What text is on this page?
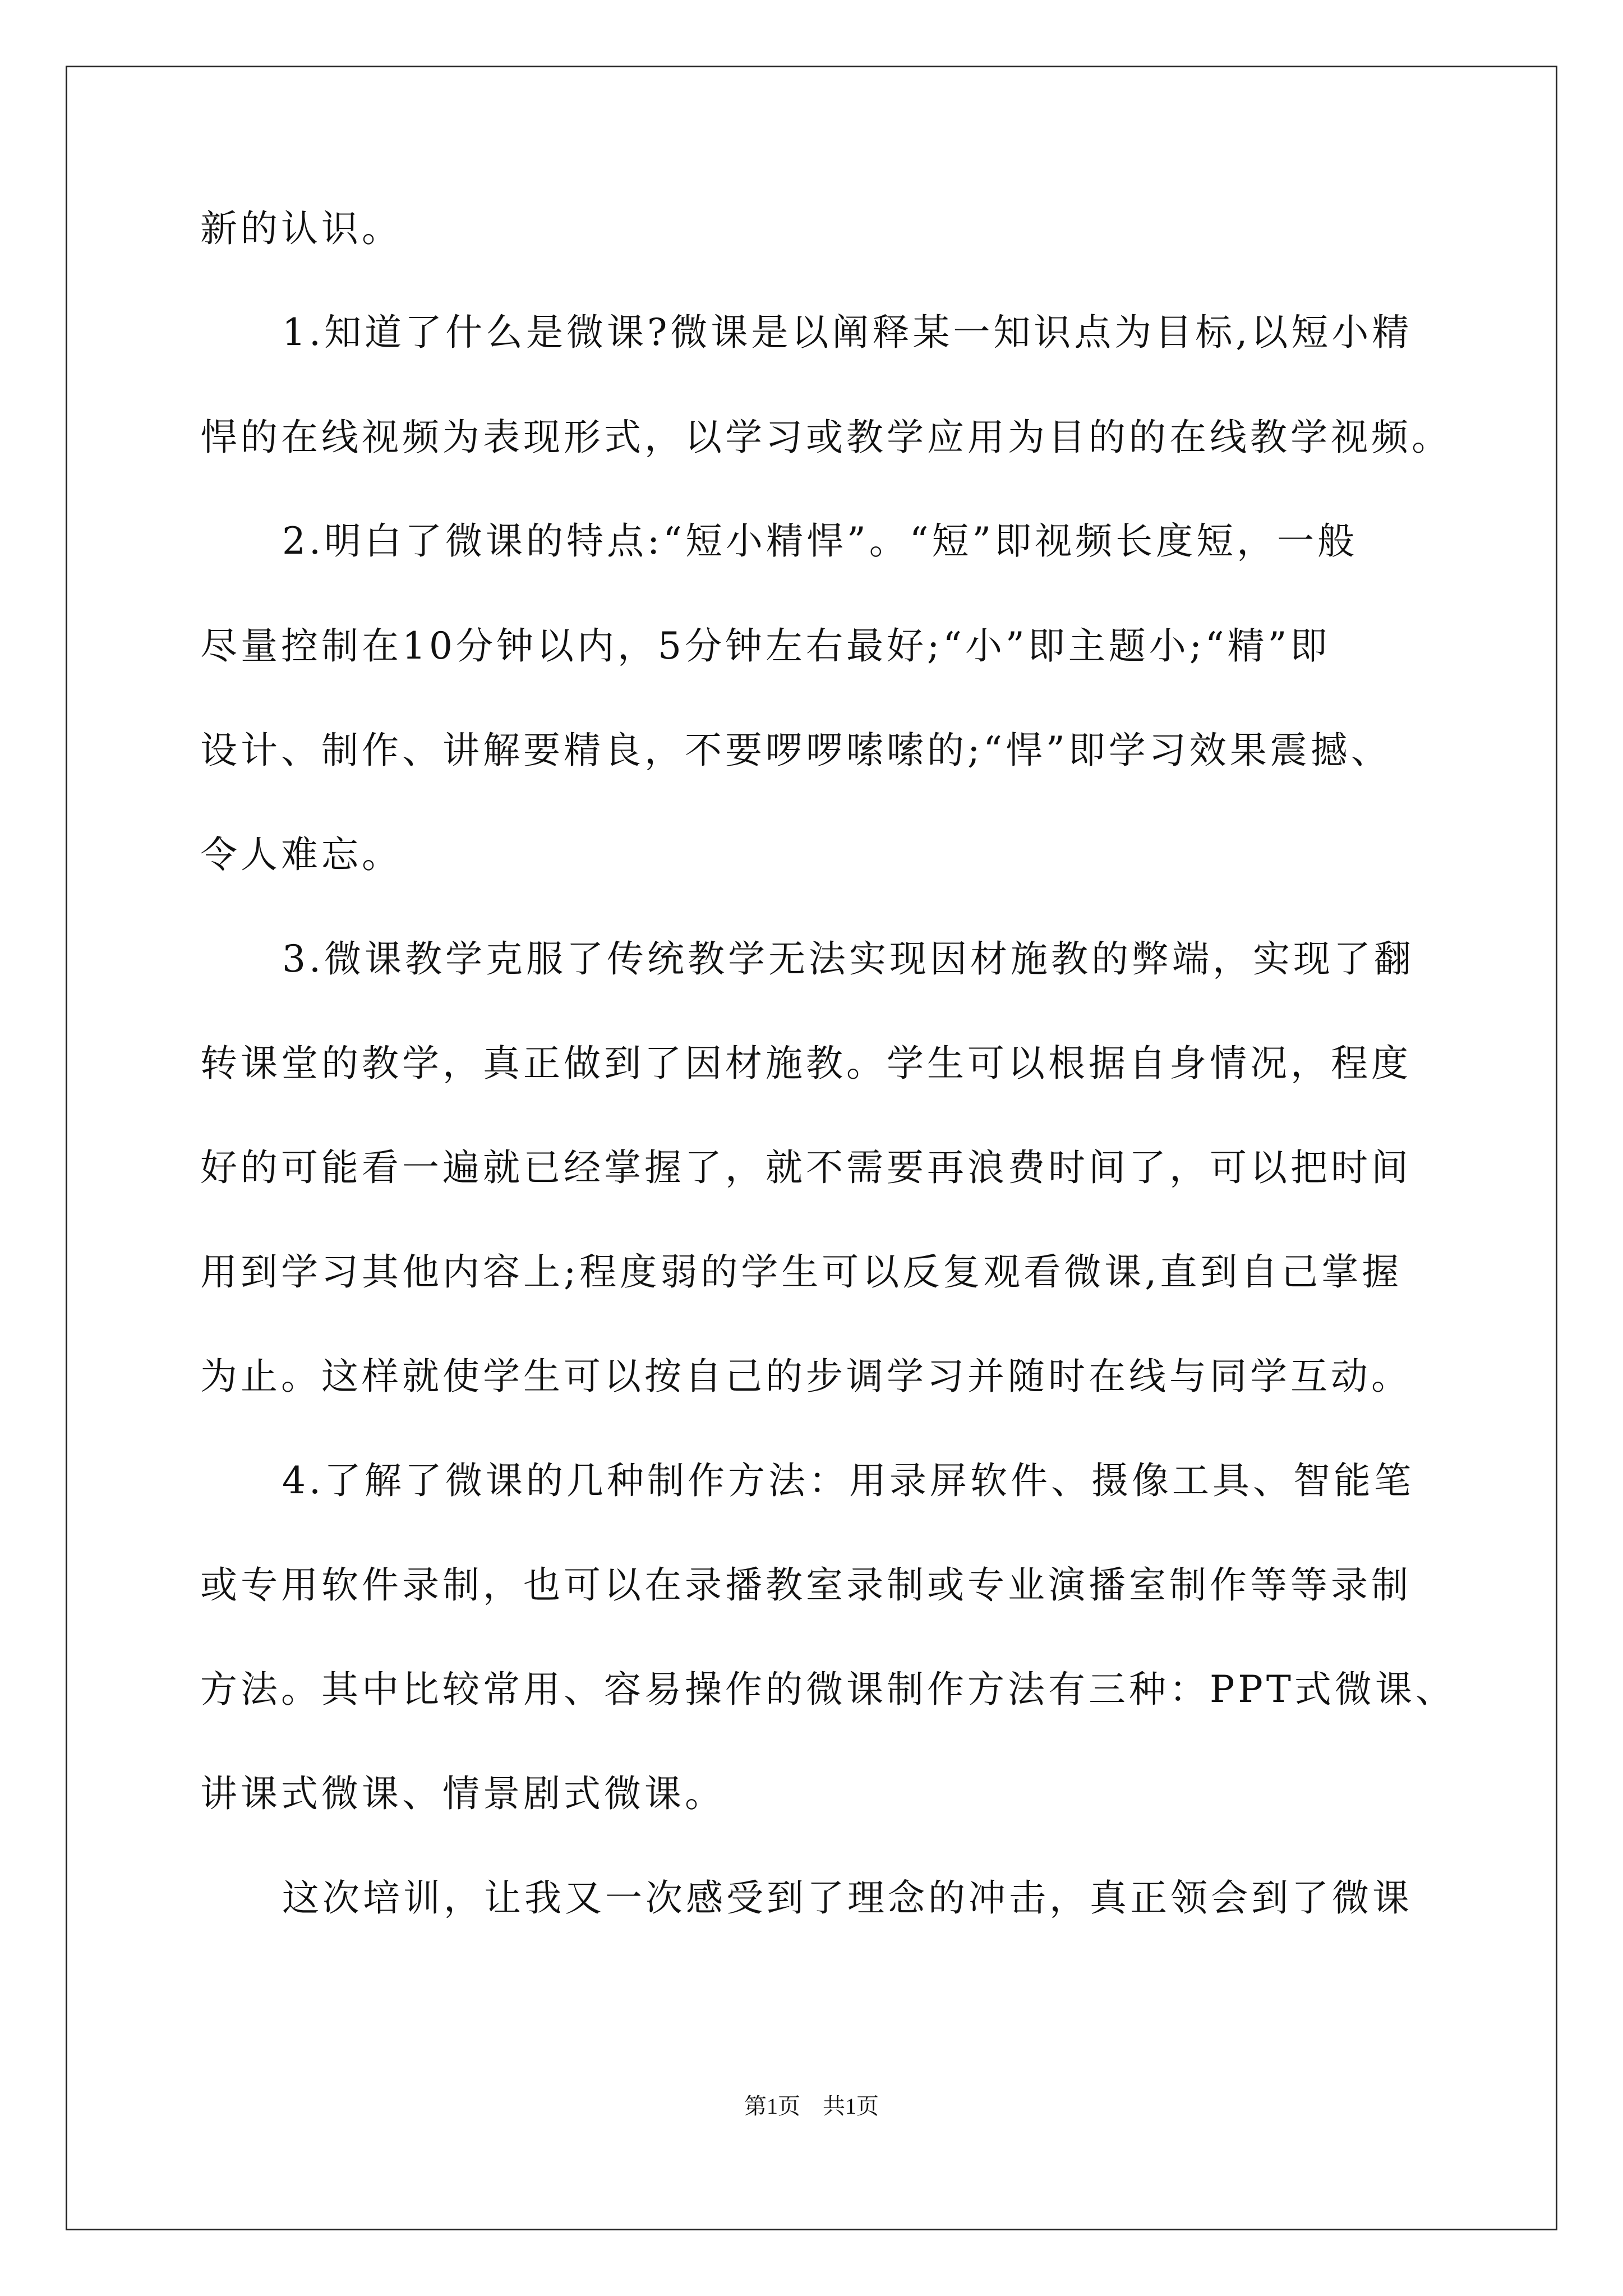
新的认识。
1.知道了什么是微课?微课是以阐释某一知识点为目标,以短小精
悍的在线视频为表现形式，以学习或教学应用为目的的在线教学视频。
2.明白了微课的特点:“短小精悍”。“短”即视频长度短，一般
尽量控制在10分钟以内，5分钟左右最好;“小”即主题小;“精”即
设计、制作、讲解要精良，不要啰啰嗦嗦的;“悍”即学习效果震撼、
令人难忘。
3.微课教学克服了传统教学无法实现因材施教的弊端，实现了翻
转课堂的教学，真正做到了因材施教。学生可以根据自身情况，程度
好的可能看一遍就已经掌握了，就不需要再浪费时间了，可以把时间
用到学习其他内容上;程度弱的学生可以反复观看微课,直到自己掌握
为止。这样就使学生可以按自己的步调学习并随时在线与同学互动。
4.了解了微课的几种制作方法：用录屏软件、摄像工具、智能笔
或专用软件录制，也可以在录播教室录制或专业演播室制作等等录制
方法。其中比较常用、容易操作的微课制作方法有三种：PPT式微课、
讲课式微课、情景剧式微课。
这次培训，让我又一次感受到了理念的冲击，真正领会到了微课
第1页　共1页
